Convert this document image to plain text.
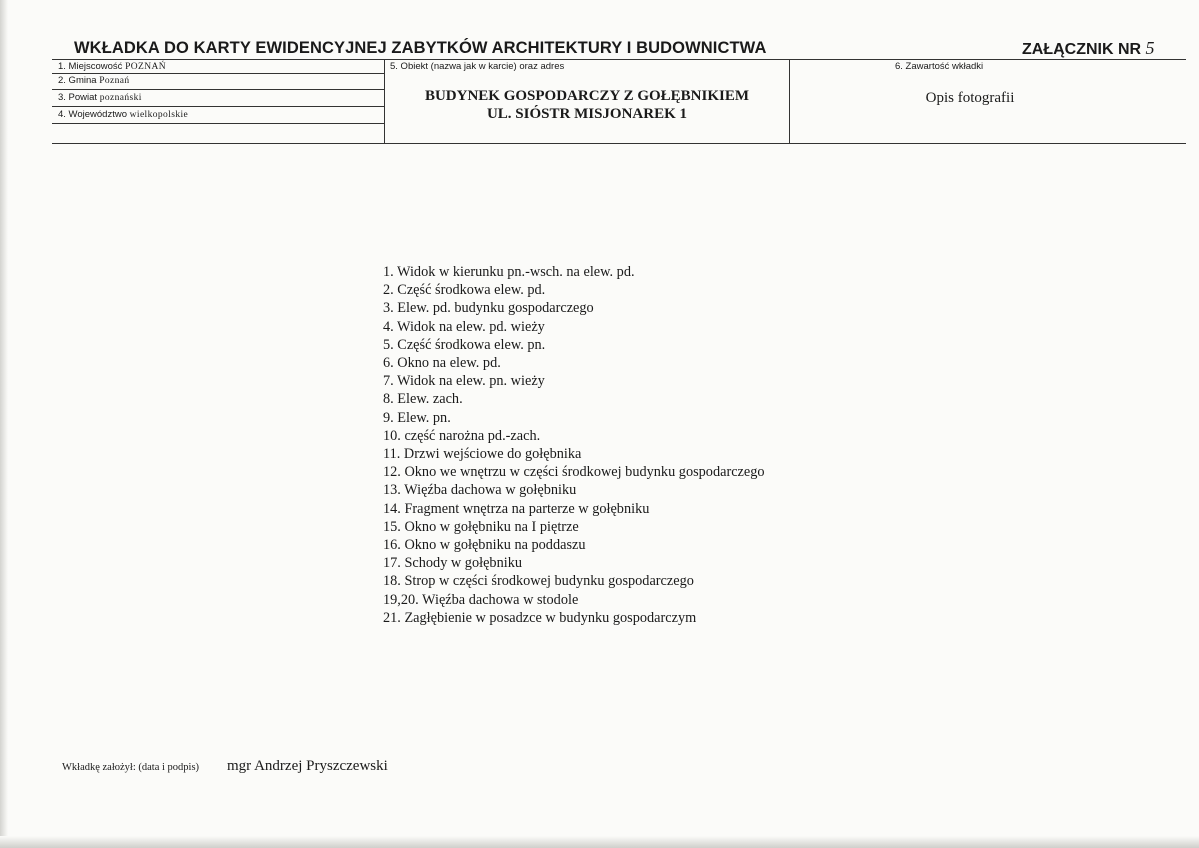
WKŁADKA DO KARTY EWIDENCYJNEJ ZABYTKÓW ARCHITEKTURY I BUDOWNICTWA	ZAŁĄCZNIK NR 5
1. Miejscowość POZNAŃ
2. Gmina Poznań
3. Powiat poznański
4. Województwo wielkopolskie
5. Obiekt (nazwa jak w karcie) oraz adres
BUDYNEK GOSPODARCZY Z GOŁĘBNIKIEM
UL. SIÓSTR MISJONAREK 1
6. Zawartość wkładki
Opis fotografii
1. Widok w kierunku pn.-wsch. na elew. pd.
2. Część środkowa elew. pd.
3. Elew. pd. budynku gospodarczego
4. Widok na elew. pd. wieży
5. Część środkowa elew. pn.
6. Okno na elew. pd.
7. Widok na elew. pn. wieży
8. Elew. zach.
9. Elew. pn.
10. część narożna pd.-zach.
11. Drzwi wejściowe do gołębnika
12. Okno we wnętrzu w części środkowej budynku gospodarczego
13. Więźba dachowa w gołębniku
14. Fragment wnętrza na parterze w gołębniku
15. Okno w gołębniku na I piętrze
16. Okno w gołębniku na poddaszu
17. Schody w gołębniku
18. Strop w części środkowej budynku gospodarczego
19,20. Więźba dachowa w stodole
21. Zagłębienie w posadzce w budynku gospodarczym
Wkładkę założył: (data i podpis) mgr Andrzej Pryszczewski
